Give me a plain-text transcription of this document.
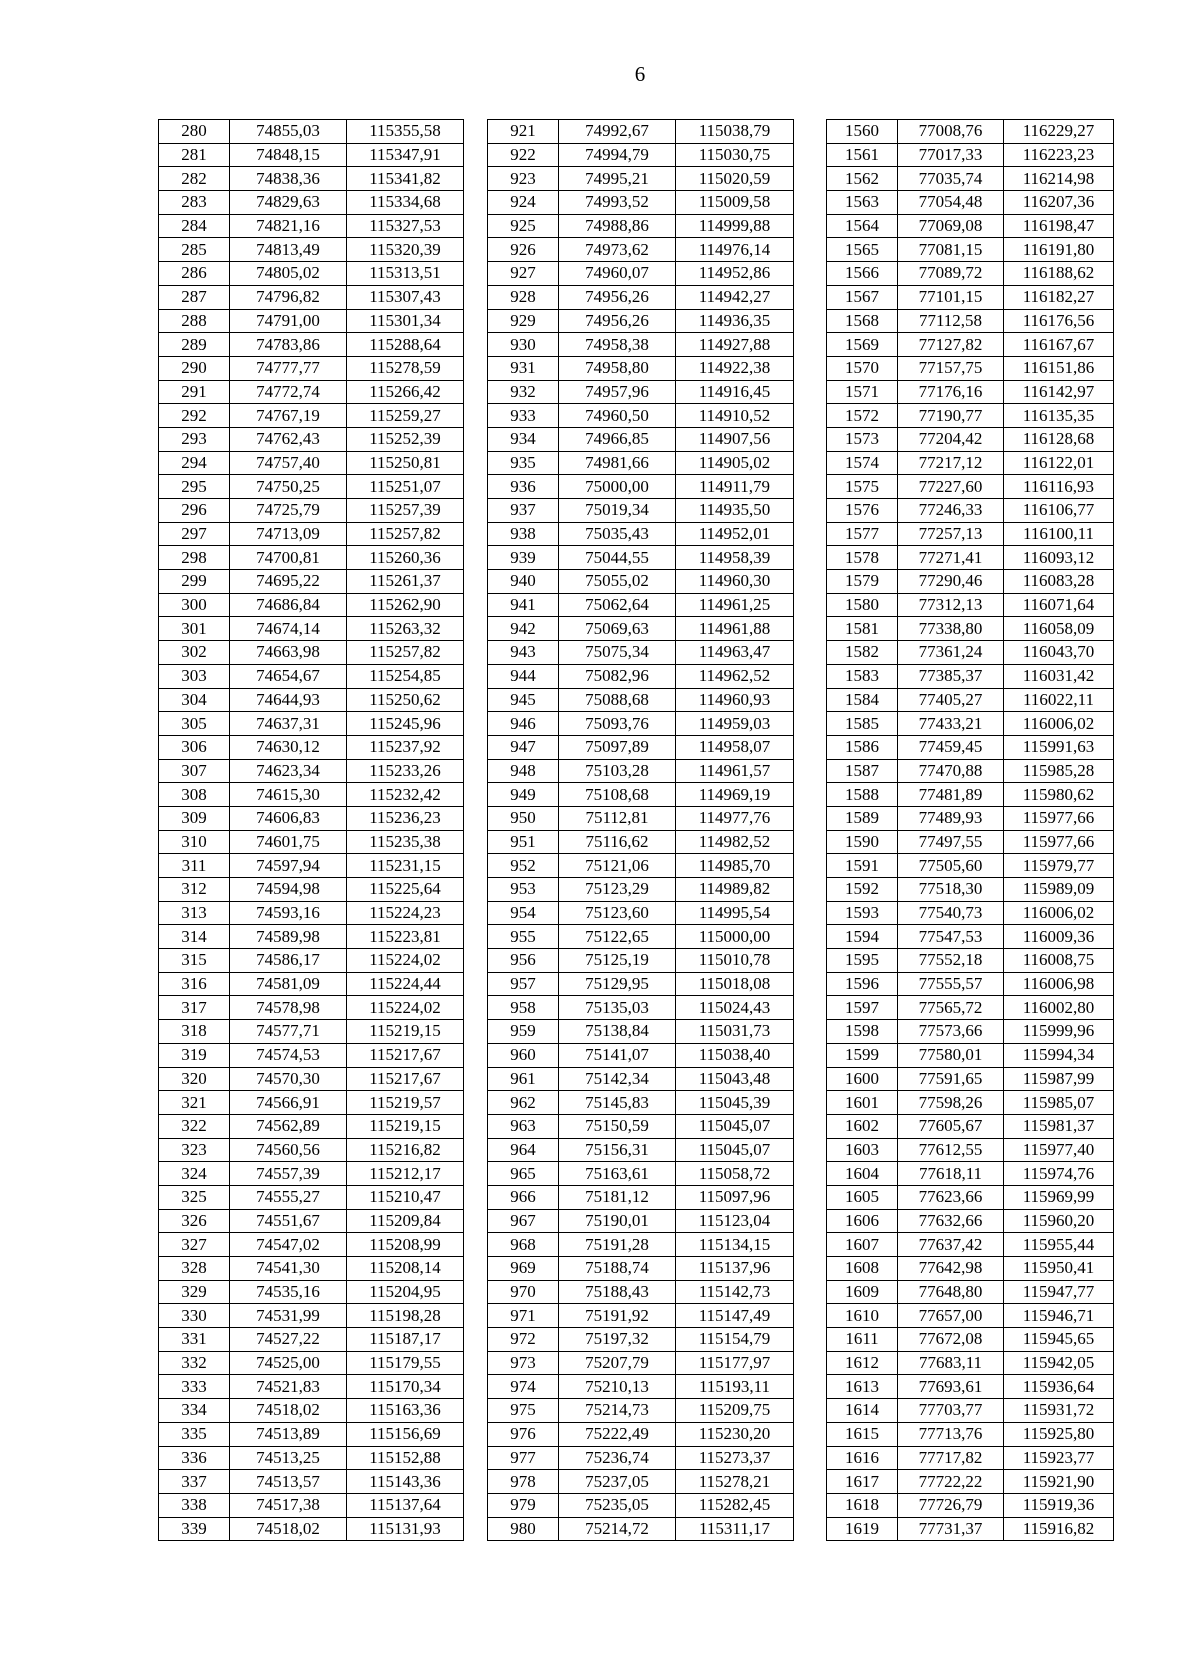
6
280	74855,03	115355,58		921	74992,67	115038,79		1560	77008,76	116229,27
281	74848,15	115347,91		922	74994,79	115030,75		1561	77017,33	116223,23
282	74838,36	115341,82		923	74995,21	115020,59		1562	77035,74	116214,98
283	74829,63	115334,68		924	74993,52	115009,58		1563	77054,48	116207,36
284	74821,16	115327,53		925	74988,86	114999,88		1564	77069,08	116198,47
285	74813,49	115320,39		926	74973,62	114976,14		1565	77081,15	116191,80
286	74805,02	115313,51		927	74960,07	114952,86		1566	77089,72	116188,62
287	74796,82	115307,43		928	74956,26	114942,27		1567	77101,15	116182,27
288	74791,00	115301,34		929	74956,26	114936,35		1568	77112,58	116176,56
289	74783,86	115288,64		930	74958,38	114927,88		1569	77127,82	116167,67
290	74777,77	115278,59		931	74958,80	114922,38		1570	77157,75	116151,86
291	74772,74	115266,42		932	74957,96	114916,45		1571	77176,16	116142,97
292	74767,19	115259,27		933	74960,50	114910,52		1572	77190,77	116135,35
293	74762,43	115252,39		934	74966,85	114907,56		1573	77204,42	116128,68
294	74757,40	115250,81		935	74981,66	114905,02		1574	77217,12	116122,01
295	74750,25	115251,07		936	75000,00	114911,79		1575	77227,60	116116,93
296	74725,79	115257,39		937	75019,34	114935,50		1576	77246,33	116106,77
297	74713,09	115257,82		938	75035,43	114952,01		1577	77257,13	116100,11
298	74700,81	115260,36		939	75044,55	114958,39		1578	77271,41	116093,12
299	74695,22	115261,37		940	75055,02	114960,30		1579	77290,46	116083,28
300	74686,84	115262,90		941	75062,64	114961,25		1580	77312,13	116071,64
301	74674,14	115263,32		942	75069,63	114961,88		1581	77338,80	116058,09
302	74663,98	115257,82		943	75075,34	114963,47		1582	77361,24	116043,70
303	74654,67	115254,85		944	75082,96	114962,52		1583	77385,37	116031,42
304	74644,93	115250,62		945	75088,68	114960,93		1584	77405,27	116022,11
305	74637,31	115245,96		946	75093,76	114959,03		1585	77433,21	116006,02
306	74630,12	115237,92		947	75097,89	114958,07		1586	77459,45	115991,63
307	74623,34	115233,26		948	75103,28	114961,57		1587	77470,88	115985,28
308	74615,30	115232,42		949	75108,68	114969,19		1588	77481,89	115980,62
309	74606,83	115236,23		950	75112,81	114977,76		1589	77489,93	115977,66
310	74601,75	115235,38		951	75116,62	114982,52		1590	77497,55	115977,66
311	74597,94	115231,15		952	75121,06	114985,70		1591	77505,60	115979,77
312	74594,98	115225,64		953	75123,29	114989,82		1592	77518,30	115989,09
313	74593,16	115224,23		954	75123,60	114995,54		1593	77540,73	116006,02
314	74589,98	115223,81		955	75122,65	115000,00		1594	77547,53	116009,36
315	74586,17	115224,02		956	75125,19	115010,78		1595	77552,18	116008,75
316	74581,09	115224,44		957	75129,95	115018,08		1596	77555,57	116006,98
317	74578,98	115224,02		958	75135,03	115024,43		1597	77565,72	116002,80
318	74577,71	115219,15		959	75138,84	115031,73		1598	77573,66	115999,96
319	74574,53	115217,67		960	75141,07	115038,40		1599	77580,01	115994,34
320	74570,30	115217,67		961	75142,34	115043,48		1600	77591,65	115987,99
321	74566,91	115219,57		962	75145,83	115045,39		1601	77598,26	115985,07
322	74562,89	115219,15		963	75150,59	115045,07		1602	77605,67	115981,37
323	74560,56	115216,82		964	75156,31	115045,07		1603	77612,55	115977,40
324	74557,39	115212,17		965	75163,61	115058,72		1604	77618,11	115974,76
325	74555,27	115210,47		966	75181,12	115097,96		1605	77623,66	115969,99
326	74551,67	115209,84		967	75190,01	115123,04		1606	77632,66	115960,20
327	74547,02	115208,99		968	75191,28	115134,15		1607	77637,42	115955,44
328	74541,30	115208,14		969	75188,74	115137,96		1608	77642,98	115950,41
329	74535,16	115204,95		970	75188,43	115142,73		1609	77648,80	115947,77
330	74531,99	115198,28		971	75191,92	115147,49		1610	77657,00	115946,71
331	74527,22	115187,17		972	75197,32	115154,79		1611	77672,08	115945,65
332	74525,00	115179,55		973	75207,79	115177,97		1612	77683,11	115942,05
333	74521,83	115170,34		974	75210,13	115193,11		1613	77693,61	115936,64
334	74518,02	115163,36		975	75214,73	115209,75		1614	77703,77	115931,72
335	74513,89	115156,69		976	75222,49	115230,20		1615	77713,76	115925,80
336	74513,25	115152,88		977	75236,74	115273,37		1616	77717,82	115923,77
337	74513,57	115143,36		978	75237,05	115278,21		1617	77722,22	115921,90
338	74517,38	115137,64		979	75235,05	115282,45		1618	77726,79	115919,36
339	74518,02	115131,93		980	75214,72	115311,17		1619	77731,37	115916,82
